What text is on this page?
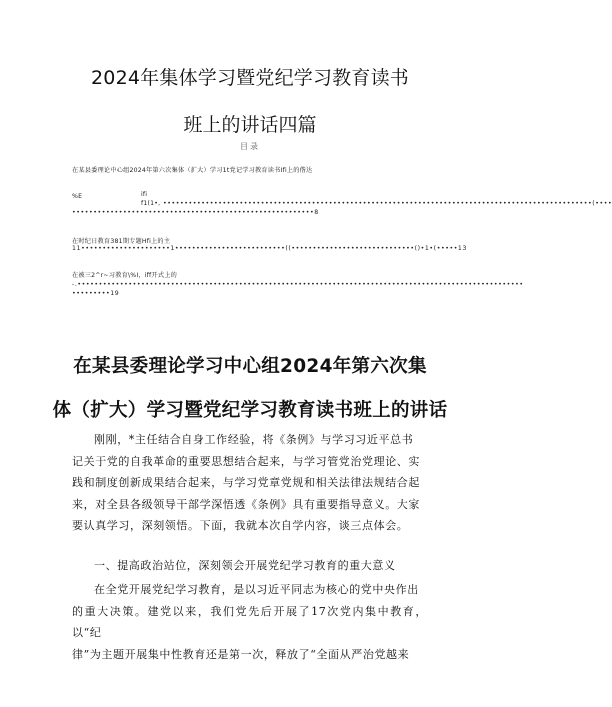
2024年集体学习暨党纪学习教育读书
班上的讲话四篇
目录
在某县委理论中心组2024年第六次集体（扩大）学习1t党记学习教育读书Ifi上的偕达
%E	ifi
f1(1•, •••••••••••••••••••••••••••••••••••••••••••••••••••••••••••••••••••••••••••••••••••••••••••••••••••••(••••
•••••••••••••••••••••••••••••••••••••••••••••••••••••••••8
在时纪日教育381期专题Hfi上的主
11•••••••••••••••••••••1••••••••••••••••••••••••••((•••••••••••••••••••••••••••••()•1•(•••••13
在被三2^r~习教育\%I，iff开式上的
-.•••••••••••••••••••••••••••••••••••••••••••••••••••••••••••••••••••••••••••••••••••••••••••••••••••••••••
•••••••••19
在某县委理论学习中心组2024年第六次集
体（扩大）学习暨党纪学习教育读书班上的讲话
刚刚，*主任结合自身工作经验，将《条例》与学习习近平总书
记关于党的自我革命的重要思想结合起来，与学习管党治党理论、实
践和制度创新成果结合起来，与学习党章党规和相关法律法规结合起
来，对全县各级领导干部学深悟透《条例》具有重要指导意义。大家
要认真学习，深刻领悟。下面，我就本次自学内容，谈三点体会。
一、提高政治站位，深刻领会开展党纪学习教育的重大意义
在全党开展党纪学习教育，是以习近平同志为核心的党中央作出
的重大决策。建党以来，我们党先后开展了17次党内集中教育，以“纪
律”为主题开展集中性教育还是第一次，释放了“全面从严治党越来
